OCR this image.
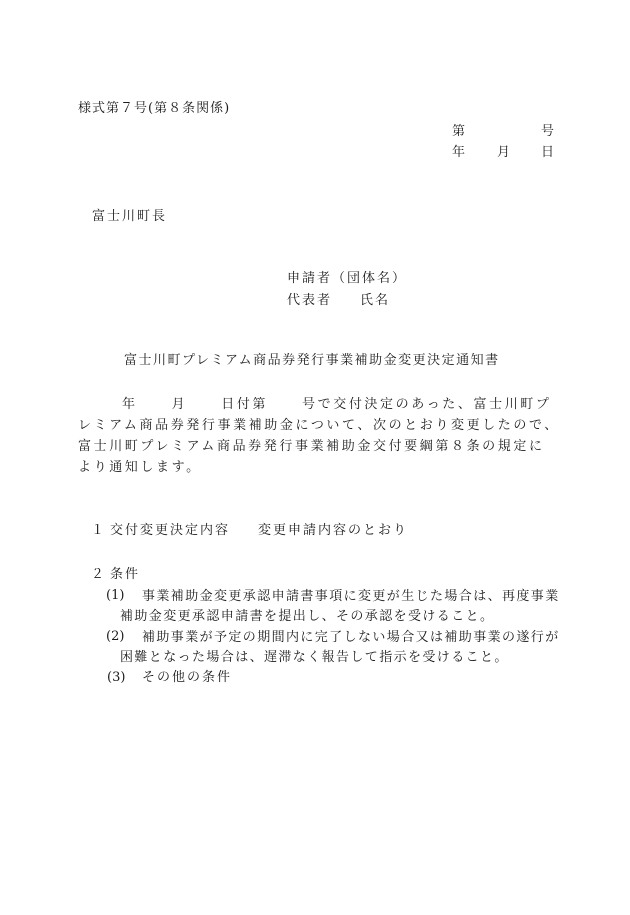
様式第７号(第８条関係)
第	号
年 月 日
富士川町長
申請者（団体名）
代表者 氏名
富士川町プレミアム商品券発行事業補助金変更決定通知書
年	月	日付第	号で交付決定のあった、富士川町プレミアム商品券発行事業補助金について、次のとおり変更したので、富士川町プレミアム商品券発行事業補助金交付要綱第８条の規定により通知します。
１ 交付変更決定内容 変更申請内容のとおり
２ 条件
(1)	事業補助金変更承認申請書事項に変更が生じた場合は、再度事業補助金変更承認申請書を提出し、その承認を受けること。
(2)	補助事業が予定の期間内に完了しない場合又は補助事業の遂行が困難となった場合は、遅滞なく報告して指示を受けること。
(3) その他の条件
